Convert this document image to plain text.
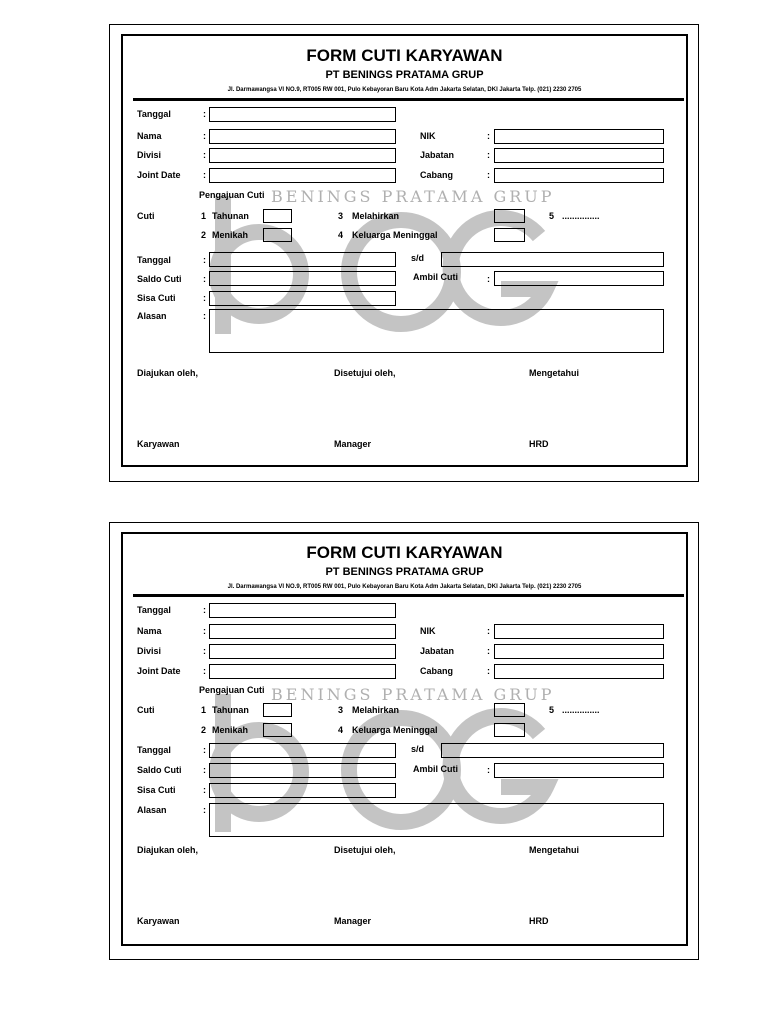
BENINGS PRATAMA GRUP
FORM CUTI KARYAWAN
PT BENINGS PRATAMA GRUP
Jl. Darmawangsa VI NO.9, RT005 RW 001, Pulo Kebayoran Baru Kota Adm Jakarta Selatan, DKI Jakarta Telp. (021) 2230 2705
Tanggal	:
Nama	:	NIK	:
Divisi	:	Jabatan	:
Joint Date :	Cabang	:
Pengajuan Cuti
Cuti	1 Tahunan	3 Melahirkan	5 ...............
2 Menikah	4 Keluarga Meninggal
Tanggal	:	s/d
Saldo Cuti :	Ambil Cuti	:
Sisa Cuti	:
Alasan	:
Diajukan oleh,	Disetujui oleh,	Mengetahui
Karyawan	Manager	HRD
BENINGS PRATAMA GRUP
FORM CUTI KARYAWAN
PT BENINGS PRATAMA GRUP
Jl. Darmawangsa VI NO.9, RT005 RW 001, Pulo Kebayoran Baru Kota Adm Jakarta Selatan, DKI Jakarta Telp. (021) 2230 2705
Tanggal	:
Nama	:	NIK	:
Divisi	:	Jabatan	:
Joint Date :	Cabang	:
Pengajuan Cuti
Cuti	1 Tahunan	3 Melahirkan	5 ...............
2 Menikah	4 Keluarga Meninggal
Tanggal	:	s/d
Saldo Cuti :	Ambil Cuti	:
Sisa Cuti	:
Alasan	:
Diajukan oleh,	Disetujui oleh,	Mengetahui
Karyawan	Manager	HRD
